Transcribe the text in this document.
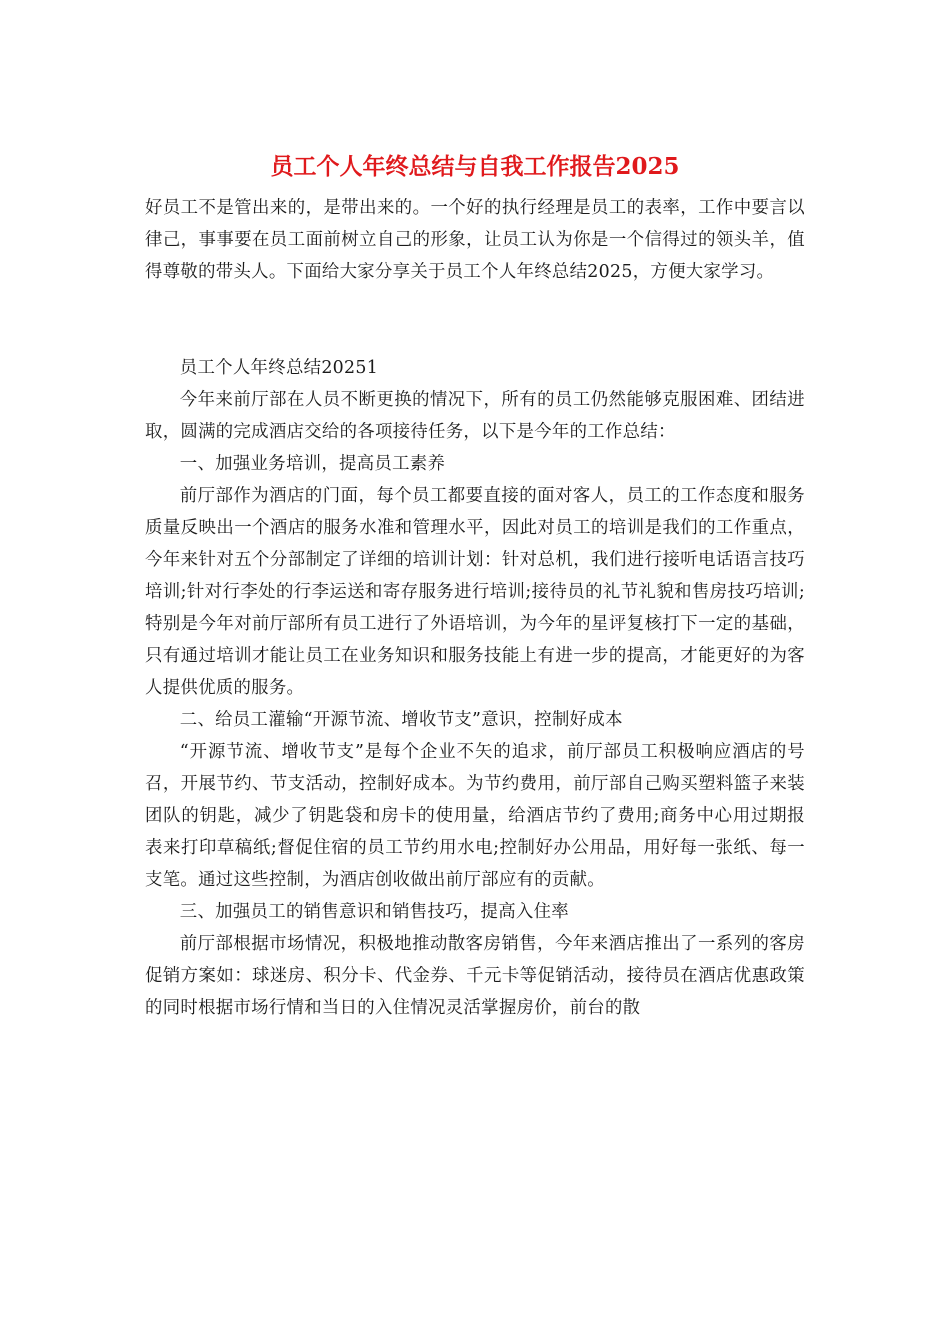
员工个人年终总结与自我工作报告2025

好员工不是管出来的，是带出来的。一个好的执行经理是员工的表率，工作中要言以律己，事事要在员工面前树立自己的形象，让员工认为你是一个信得过的领头羊，值得尊敬的带头人。下面给大家分享关于员工个人年终总结2025，方便大家学习。

员工个人年终总结20251

今年来前厅部在人员不断更换的情况下，所有的员工仍然能够克服困难、团结进取，圆满的完成酒店交给的各项接待任务，以下是今年的工作总结：

一、加强业务培训，提高员工素养

前厅部作为酒店的门面，每个员工都要直接的面对客人，员工的工作态度和服务质量反映出一个酒店的服务水准和管理水平，因此对员工的培训是我们的工作重点，今年来针对五个分部制定了详细的培训计划：针对总机，我们进行接听电话语言技巧培训;针对行李处的行李运送和寄存服务进行培训;接待员的礼节礼貌和售房技巧培训;特别是今年对前厅部所有员工进行了外语培训，为今年的星评复核打下一定的基础，只有通过培训才能让员工在业务知识和服务技能上有进一步的提高，才能更好的为客人提供优质的服务。

二、给员工灌输“开源节流、增收节支”意识，控制好成本

“开源节流、增收节支”是每个企业不矢的追求，前厅部员工积极响应酒店的号召，开展节约、节支活动，控制好成本。为节约费用，前厅部自己购买塑料篮子来装团队的钥匙，减少了钥匙袋和房卡的使用量，给酒店节约了费用;商务中心用过期报表来打印草稿纸;督促住宿的员工节约用水电;控制好办公用品，用好每一张纸、每一支笔。通过这些控制，为酒店创收做出前厅部应有的贡献。

三、加强员工的销售意识和销售技巧，提高入住率

前厅部根据市场情况，积极地推动散客房销售，今年来酒店推出了一系列的客房促销方案如：球迷房、积分卡、代金券、千元卡等促销活动，接待员在酒店优惠政策的同时根据市场行情和当日的入住情况灵活掌握房价，前台的散
